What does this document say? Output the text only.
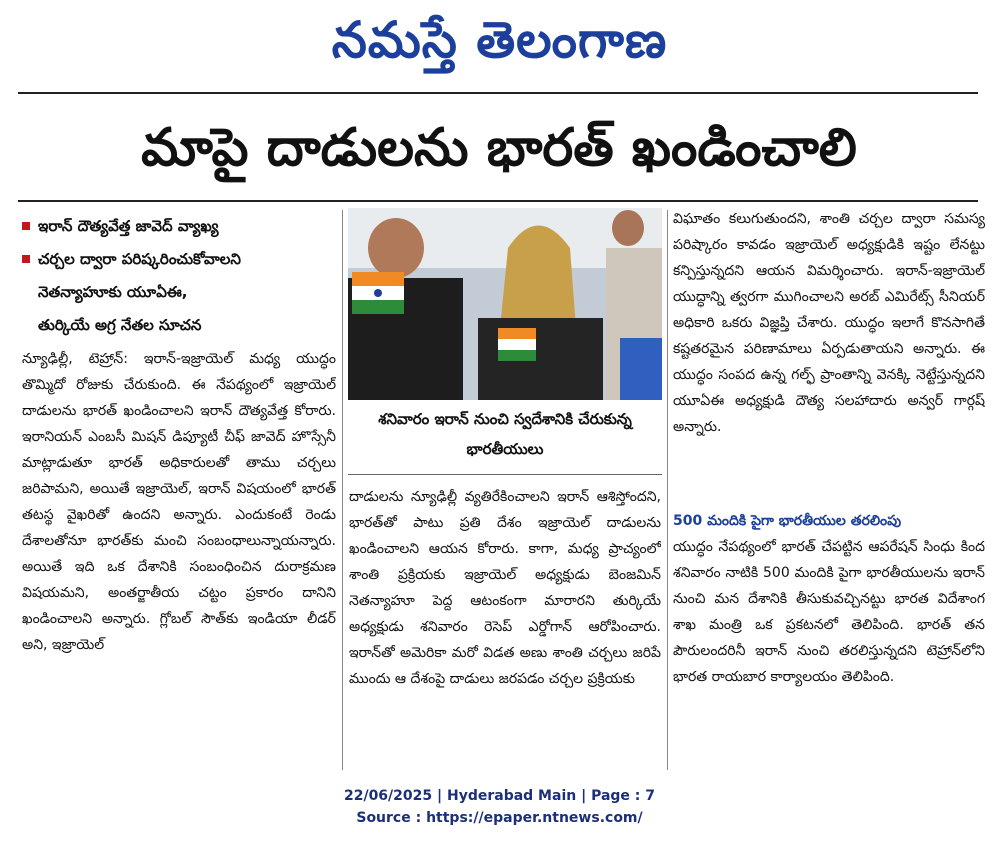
నమస్తే తెలంగాణ
మాపై దాడులను భారత్ ఖండించాలి
ఇరాన్ దౌత్యవేత్త జావెద్ వ్యాఖ్య
చర్చల ద్వారా పరిష్కరించుకోవాలని
నెతన్యాహూకు యూఏఈ,
తుర్కియే అగ్ర నేతల సూచన
న్యూఢిల్లీ, టెహ్రాన్: ఇరాన్-ఇజ్రాయెల్ మధ్య యుద్ధం తొమ్మిదో రోజుకు చేరుకుంది. ఈ నేపథ్యంలో ఇజ్రాయెల్ దాడులను భారత్ ఖండించాలని ఇరాన్ దౌత్యవేత్త కోరారు. ఇరానియన్ ఎంబసీ మిషన్ డిప్యూటీ చీఫ్ జావెద్ హొస్సేనీ మాట్లాడుతూ భారత్ అధికారులతో తాము చర్చలు జరిపామని, అయితే ఇజ్రాయెల్, ఇరాన్ విషయంలో భారత్ తటస్థ వైఖరితో ఉందని అన్నారు. ఎందుకంటే రెండు దేశాలతోనూ భారత్‌కు మంచి సంబంధాలున్నాయన్నారు. అయితే ఇది ఒక దేశానికి సంబంధించిన దురాక్రమణ విషయమని, అంతర్జాతీయ చట్టం ప్రకారం దానిని ఖండించాలని అన్నారు. గ్లోబల్ సౌత్‌కు ఇండియా లీడర్ అని, ఇజ్రాయెల్
శనివారం ఇరాన్ నుంచి స్వదేశానికి చేరుకున్న భారతీయులు
దాడులను న్యూఢిల్లీ వ్యతిరేకించాలని ఇరాన్ ఆశిస్తోందని, భారత్‌తో పాటు ప్రతి దేశం ఇజ్రాయెల్ దాడులను ఖండించాలని ఆయన కోరారు. కాగా, మధ్య ప్రాచ్యంలో శాంతి ప్రక్రియకు ఇజ్రాయెల్ అధ్యక్షుడు బెంజమిన్ నెతన్యాహూ పెద్ద ఆటంకంగా మారారని తుర్కియే అధ్యక్షుడు శనివారం రెసెప్ ఎర్డోగాన్ ఆరోపించారు. ఇరాన్‌తో అమెరికా మరో విడత అణు శాంతి చర్చలు జరిపే ముందు ఆ దేశంపై దాడులు జరపడం చర్చల ప్రక్రియకు
విఘాతం కలుగుతుందని, శాంతి చర్చల ద్వారా సమస్య పరిష్కారం కావడం ఇజ్రాయెల్ అధ్యక్షుడికి ఇష్టం లేనట్టు కన్పిస్తున్నదని ఆయన విమర్శించారు. ఇరాన్-ఇజ్రాయెల్ యుద్ధాన్ని త్వరగా ముగించాలని అరబ్ ఎమిరేట్స్ సీనియర్ అధికారి ఒకరు విజ్ఞప్తి చేశారు. యుద్ధం ఇలాగే కొనసాగితే కష్టతరమైన పరిణామాలు ఏర్పడుతాయని అన్నారు. ఈ యుద్ధం సంపద ఉన్న గల్ఫ్ ప్రాంతాన్ని వెనక్కి నెట్టేస్తున్నదని యూఏఈ అధ్యక్షుడి దౌత్య సలహాదారు అన్వర్ గార్గష్ అన్నారు.
500 మందికి పైగా భారతీయుల తరలింపు
యుద్ధం నేపథ్యంలో భారత్ చేపట్టిన ఆపరేషన్ సింధు కింద శనివారం నాటికి 500 మందికి పైగా భారతీయులను ఇరాన్ నుంచి మన దేశానికి తీసుకువచ్చినట్టు భారత విదేశాంగ శాఖ మంత్రి ఒక ప్రకటనలో తెలిపింది. భారత్ తన పౌరులందరినీ ఇరాన్ నుంచి తరలిస్తున్నదని టెహ్రాన్‌లోని భారత రాయబార కార్యాలయం తెలిపింది.
22/06/2025 | Hyderabad Main | Page : 7
Source : https://epaper.ntnews.com/
